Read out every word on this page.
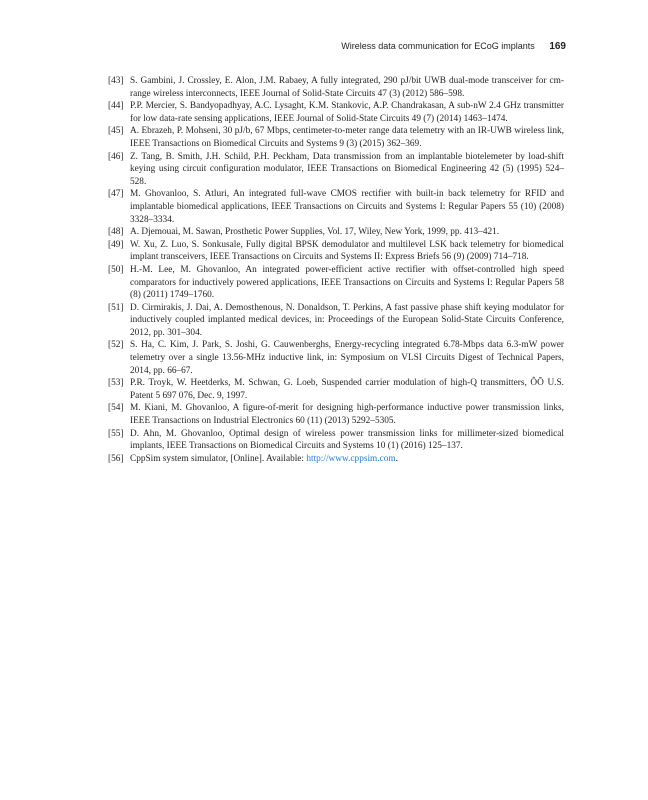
Wireless data communication for ECoG implants 169

[43] S. Gambini, J. Crossley, E. Alon, J.M. Rabaey, A fully integrated, 290 pJ/bit UWB dual-mode transceiver for cm-range wireless interconnects, IEEE Journal of Solid-State Circuits 47 (3) (2012) 586–598.

[44] P.P. Mercier, S. Bandyopadhyay, A.C. Lysaght, K.M. Stankovic, A.P. Chandrakasan, A sub-nW 2.4 GHz transmitter for low data-rate sensing applications, IEEE Journal of Solid-State Circuits 49 (7) (2014) 1463–1474.

[45] A. Ebrazeh, P. Mohseni, 30 pJ/b, 67 Mbps, centimeter-to-meter range data telemetry with an IR-UWB wireless link, IEEE Transactions on Biomedical Circuits and Systems 9 (3) (2015) 362–369.

[46] Z. Tang, B. Smith, J.H. Schild, P.H. Peckham, Data transmission from an implantable biotelemeter by load-shift keying using circuit configuration modulator, IEEE Transactions on Biomedical Engineering 42 (5) (1995) 524–528.

[47] M. Ghovanloo, S. Atluri, An integrated full-wave CMOS rectifier with built-in back telemetry for RFID and implantable biomedical applications, IEEE Transactions on Circuits and Systems I: Regular Papers 55 (10) (2008) 3328–3334.

[48] A. Djemouai, M. Sawan, Prosthetic Power Supplies, Vol. 17, Wiley, New York, 1999, pp. 413–421.

[49] W. Xu, Z. Luo, S. Sonkusale, Fully digital BPSK demodulator and multilevel LSK back telemetry for biomedical implant transceivers, IEEE Transactions on Circuits and Systems II: Express Briefs 56 (9) (2009) 714–718.

[50] H.-M. Lee, M. Ghovanloo, An integrated power-efficient active rectifier with offset-controlled high speed comparators for inductively powered applications, IEEE Transactions on Circuits and Systems I: Regular Papers 58 (8) (2011) 1749–1760.

[51] D. Cirmirakis, J. Dai, A. Demosthenous, N. Donaldson, T. Perkins, A fast passive phase shift keying modulator for inductively coupled implanted medical devices, in: Proceedings of the European Solid-State Circuits Conference, 2012, pp. 301–304.

[52] S. Ha, C. Kim, J. Park, S. Joshi, G. Cauwenberghs, Energy-recycling integrated 6.78-Mbps data 6.3-mW power telemetry over a single 13.56-MHz inductive link, in: Symposium on VLSI Circuits Digest of Technical Papers, 2014, pp. 66–67.

[53] P.R. Troyk, W. Heetderks, M. Schwan, G. Loeb, Suspended carrier modulation of high-Q transmitters, ÔÕ U.S. Patent 5 697 076, Dec. 9, 1997.

[54] M. Kiani, M. Ghovanloo, A figure-of-merit for designing high-performance inductive power transmission links, IEEE Transactions on Industrial Electronics 60 (11) (2013) 5292–5305.

[55] D. Ahn, M. Ghovanloo, Optimal design of wireless power transmission links for millimeter-sized biomedical implants, IEEE Transactions on Biomedical Circuits and Systems 10 (1) (2016) 125–137.

[56] CppSim system simulator, [Online]. Available: http://www.cppsim.com.
